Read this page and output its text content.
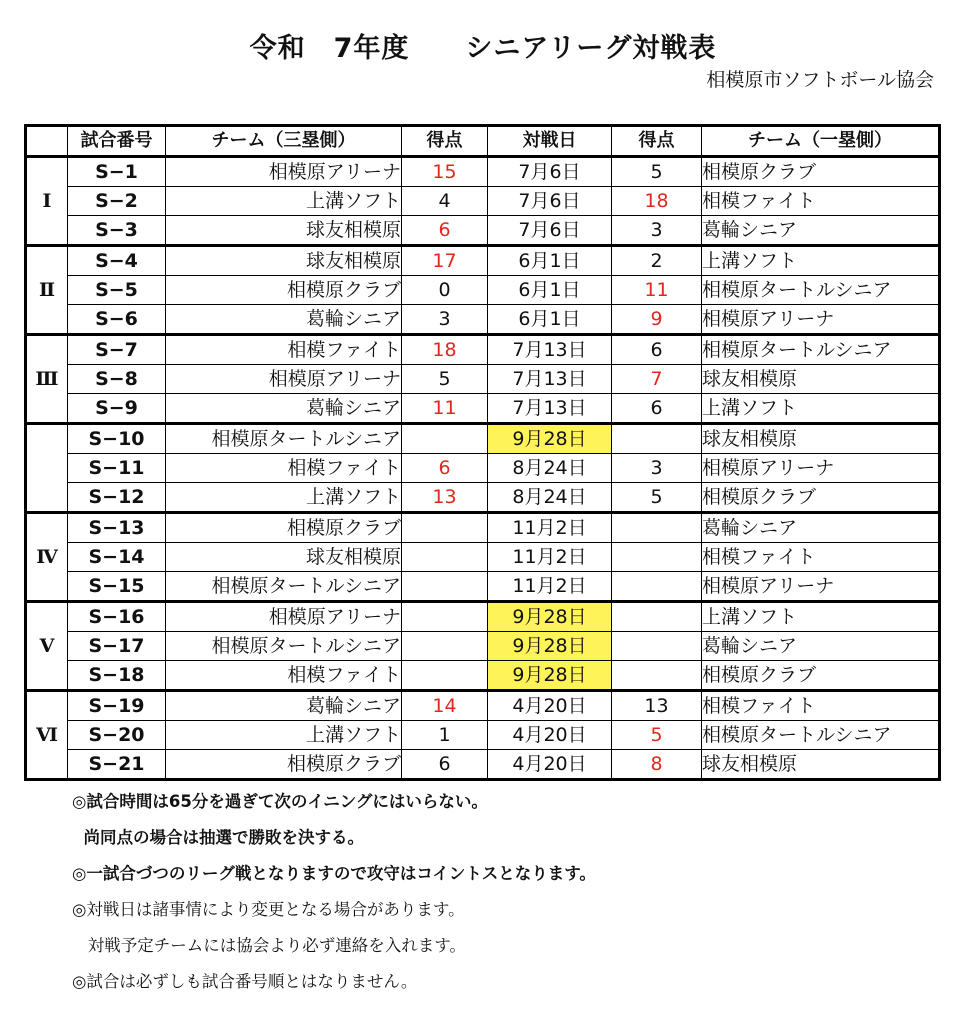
令和　7年度　　シニアリーグ対戦表
相模原市ソフトボール協会
	試合番号	チーム（三塁側）	得点	対戦日	得点	チーム（一塁側）
Ⅰ	S−1	相模原アリーナ	15	7月6日	5	相模原クラブ
	S−2	上溝ソフト	4	7月6日	18	相模ファイト
	S−3	球友相模原	6	7月6日	3	葛輪シニア
Ⅱ	S−4	球友相模原	17	6月1日	2	上溝ソフト
	S−5	相模原クラブ	0	6月1日	11	相模原タートルシニア
	S−6	葛輪シニア	3	6月1日	9	相模原アリーナ
Ⅲ	S−7	相模ファイト	18	7月13日	6	相模原タートルシニア
	S−8	相模原アリーナ	5	7月13日	7	球友相模原
	S−9	葛輪シニア	11	7月13日	6	上溝ソフト
	S−10	相模原タートルシニア		9月28日		球友相模原
	S−11	相模ファイト	6	8月24日	3	相模原アリーナ
	S−12	上溝ソフト	13	8月24日	5	相模原クラブ
Ⅳ	S−13	相模原クラブ		11月2日		葛輪シニア
	S−14	球友相模原		11月2日		相模ファイト
	S−15	相模原タートルシニア		11月2日		相模原アリーナ
Ⅴ	S−16	相模原アリーナ		9月28日		上溝ソフト
	S−17	相模原タートルシニア		9月28日		葛輪シニア
	S−18	相模ファイト		9月28日		相模原クラブ
Ⅵ	S−19	葛輪シニア	14	4月20日	13	相模ファイト
	S−20	上溝ソフト	1	4月20日	5	相模原タートルシニア
	S−21	相模原クラブ	6	4月20日	8	球友相模原
◎試合時間は65分を過ぎて次のイニングにはいらない。
尚同点の場合は抽選で勝敗を決する。
◎一試合づつのリーグ戦となりますので攻守はコイントスとなります。
◎対戦日は諸事情により変更となる場合があります。
対戦予定チームには協会より必ず連絡を入れます。
◎試合は必ずしも試合番号順とはなりません。
